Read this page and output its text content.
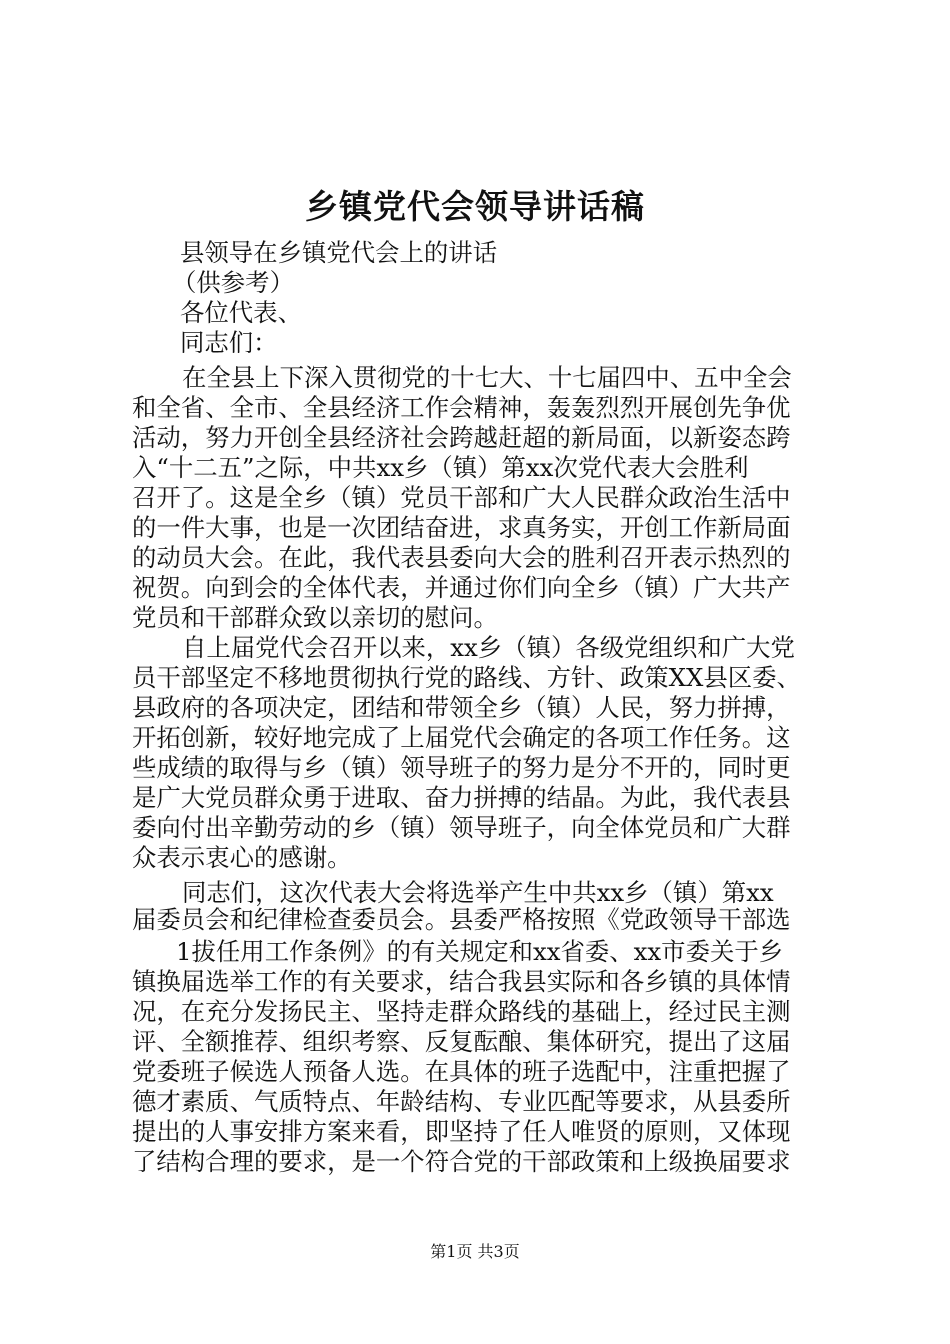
乡镇党代会领导讲话稿

县领导在乡镇党代会上的讲话

（供参考）

各位代表、

同志们：

在全县上下深入贯彻党的十七大、十七届四中、五中全会

和全省、全市、全县经济工作会精神，轰轰烈烈开展创先争优

活动，努力开创全县经济社会跨越赶超的新局面，以新姿态跨

入“十二五”之际，中共xx乡（镇）第xx次党代表大会胜利

召开了。这是全乡（镇）党员干部和广大人民群众政治生活中

的一件大事，也是一次团结奋进，求真务实，开创工作新局面

的动员大会。在此，我代表县委向大会的胜利召开表示热烈的

祝贺。向到会的全体代表，并通过你们向全乡（镇）广大共产

党员和干部群众致以亲切的慰问。

自上届党代会召开以来，xx乡（镇）各级党组织和广大党

员干部坚定不移地贯彻执行党的路线、方针、政策XX县区委、

县政府的各项决定，团结和带领全乡（镇）人民，努力拼搏，

开拓创新，较好地完成了上届党代会确定的各项工作任务。这

些成绩的取得与乡（镇）领导班子的努力是分不开的，同时更

是广大党员群众勇于进取、奋力拼搏的结晶。为此，我代表县

委向付出辛勤劳动的乡（镇）领导班子，向全体党员和广大群

众表示衷心的感谢。

同志们，这次代表大会将选举产生中共xx乡（镇）第xx

届委员会和纪律检查委员会。县委严格按照《党政领导干部选

1拔任用工作条例》的有关规定和xx省委、xx市委关于乡

镇换届选举工作的有关要求，结合我县实际和各乡镇的具体情

况，在充分发扬民主、坚持走群众路线的基础上，经过民主测

评、全额推荐、组织考察、反复酝酿、集体研究，提出了这届

党委班子候选人预备人选。在具体的班子选配中，注重把握了

德才素质、气质特点、年龄结构、专业匹配等要求，从县委所

提出的人事安排方案来看，即坚持了任人唯贤的原则，又体现

了结构合理的要求，是一个符合党的干部政策和上级换届要求

第1页 共3页
